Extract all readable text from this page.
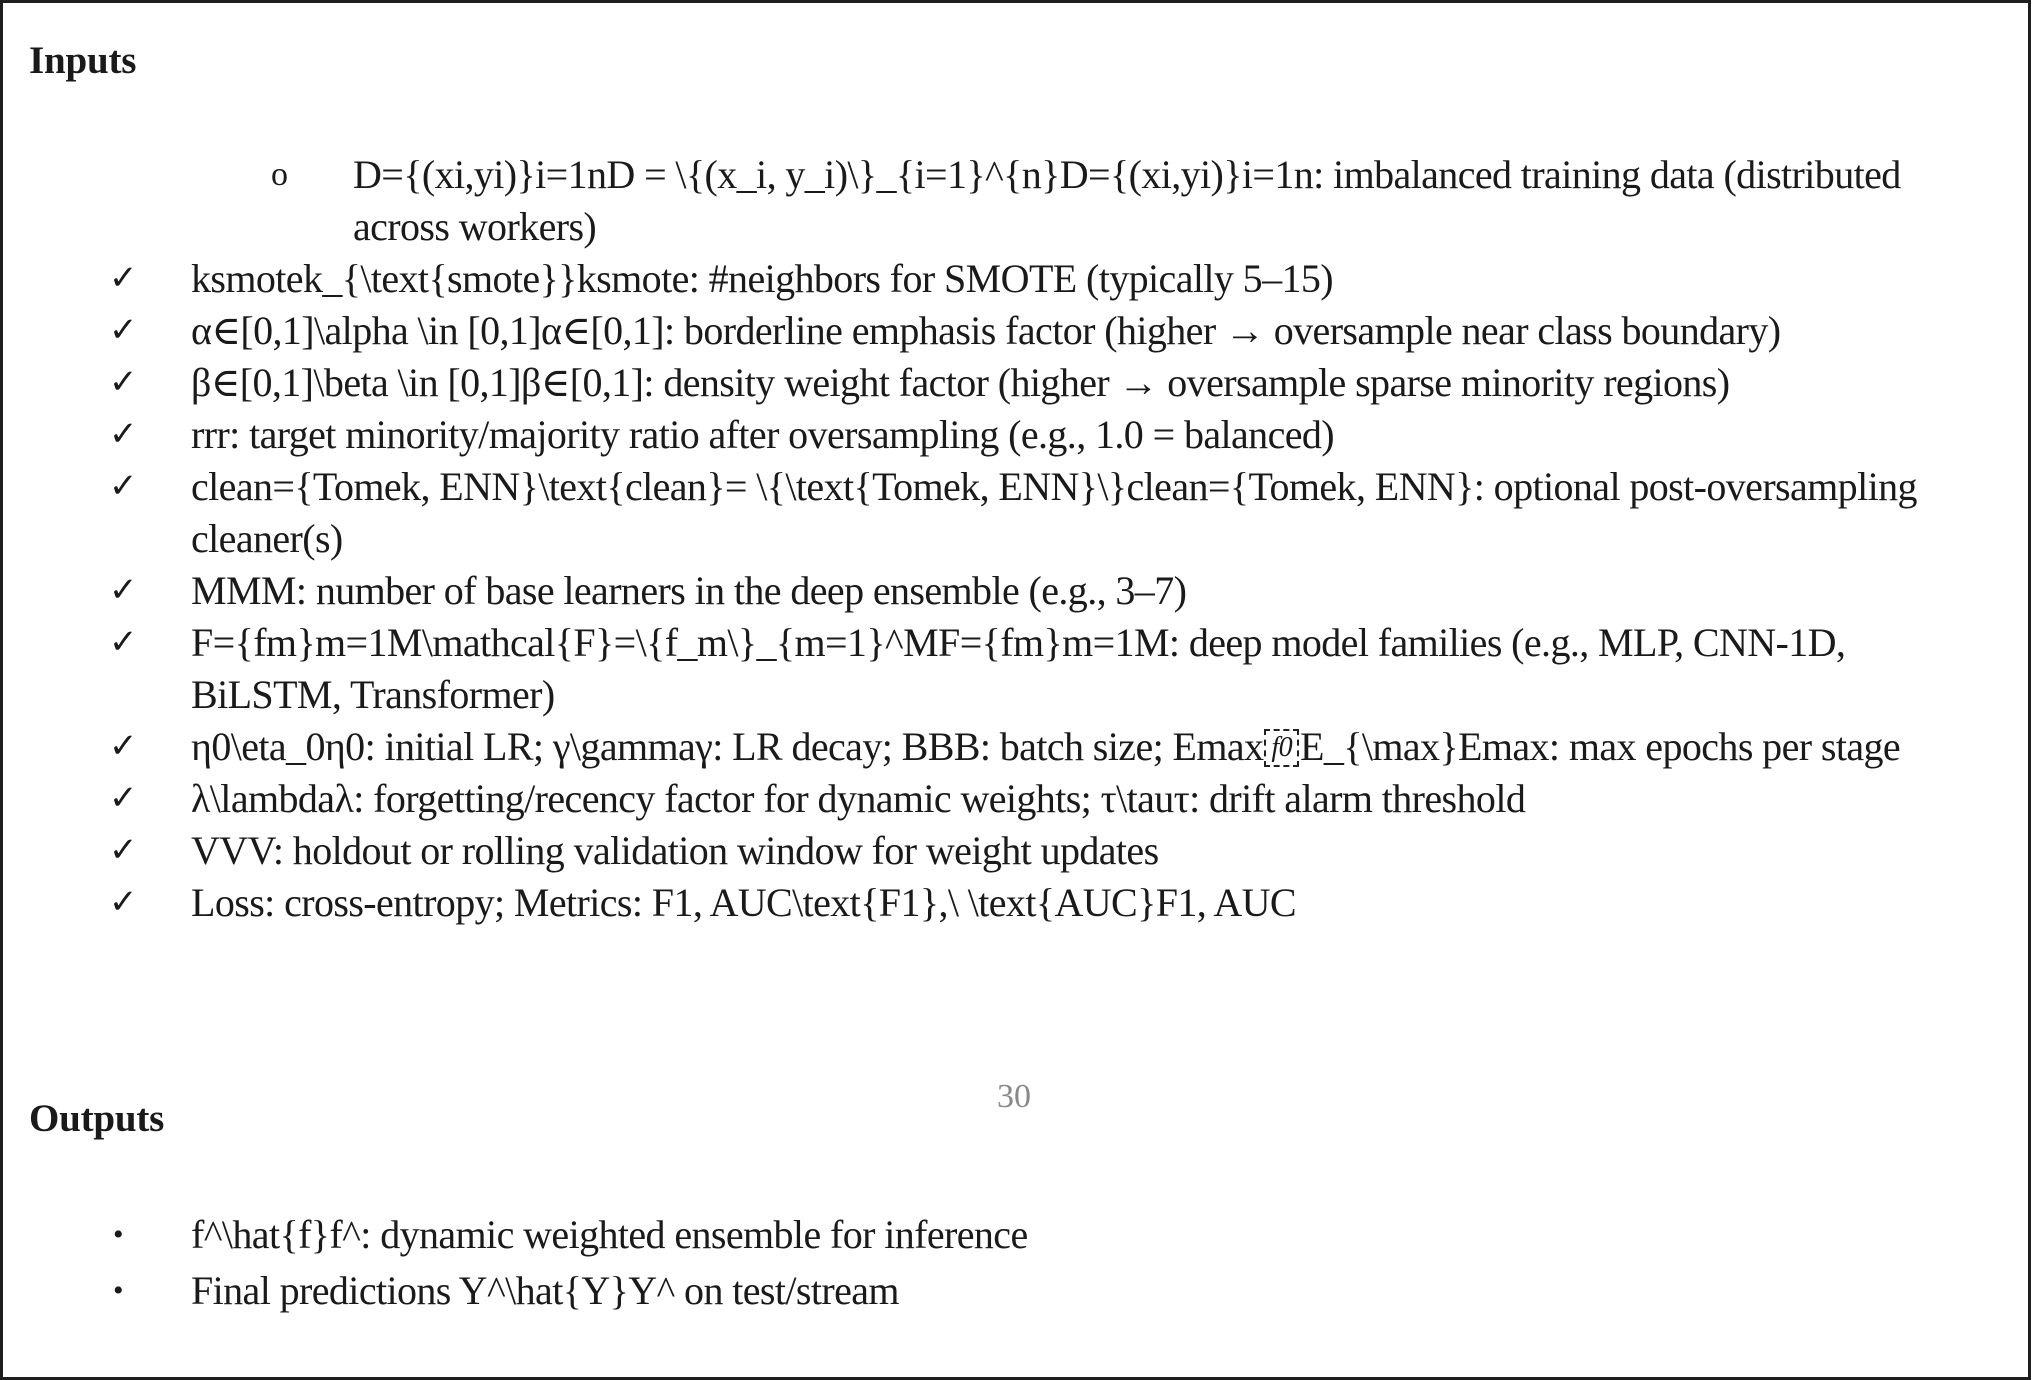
Inputs
o D={(xi,yi)}i=1nD = \{(x_i, y_i)\}_{i=1}^{n}D={(xi,yi)}i=1n: imbalanced training data (distributed across workers)
✓ ksmotek_{\text{smote}}ksmote: #neighbors for SMOTE (typically 5–15)
✓ α∈[0,1]\alpha \in [0,1]α∈[0,1]: borderline emphasis factor (higher → oversample near class boundary)
✓ β∈[0,1]\beta \in [0,1]β∈[0,1]: density weight factor (higher → oversample sparse minority regions)
✓ rrr: target minority/majority ratio after oversampling (e.g., 1.0 = balanced)
✓ clean={Tomek, ENN}\text{clean}= \{\text{Tomek, ENN}\}clean={Tomek, ENN}: optional post-oversampling cleaner(s)
✓ MMM: number of base learners in the deep ensemble (e.g., 3–7)
✓ F={fm}m=1M\mathcal{F}=\{f_m\}_{m=1}^MF={fm}m=1M: deep model families (e.g., MLP, CNN-1D, BiLSTM, Transformer)
✓ η0\eta_0η0: initial LR; γ\gammaγ: LR decay; BBB: batch size; Emax f0 E_{\max}Emax: max epochs per stage
✓ λ\lambdaλ: forgetting/recency factor for dynamic weights; τ\tauτ: drift alarm threshold
✓ VVV: holdout or rolling validation window for weight updates
✓ Loss: cross-entropy; Metrics: F1, AUC\text{F1},\ \text{AUC}F1, AUC
30
Outputs
• f^\hat{f}f^: dynamic weighted ensemble for inference
• Final predictions Y^\hat{Y}Y^ on test/stream
